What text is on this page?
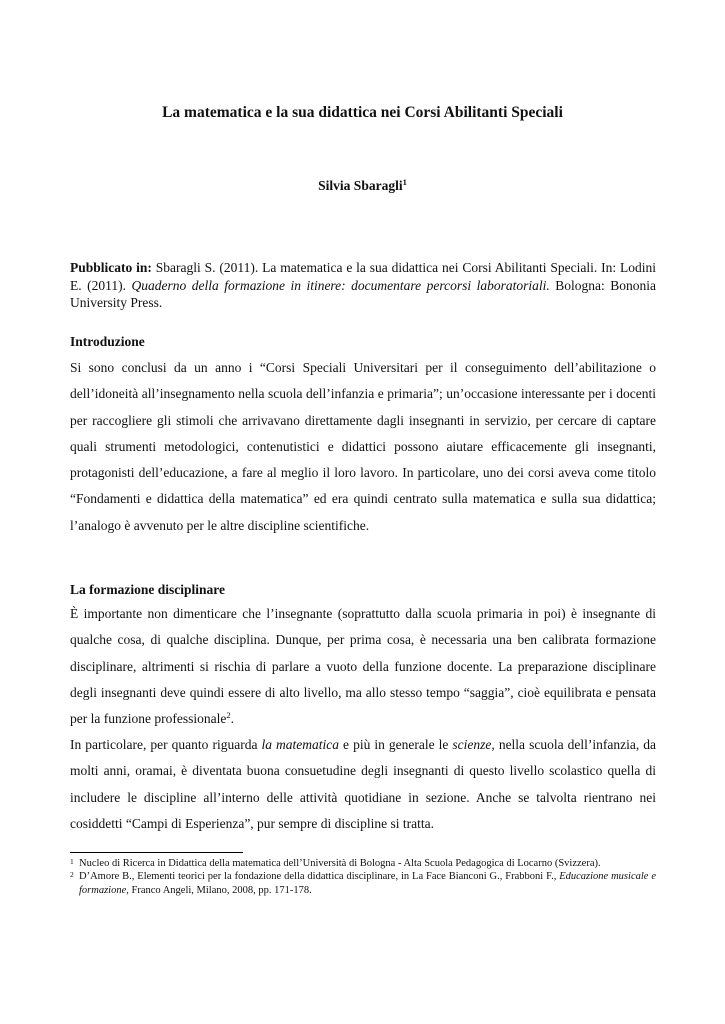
La matematica e la sua didattica nei Corsi Abilitanti Speciali
Silvia Sbaragli$^1$
Pubblicato in: Sbaragli S. (2011). La matematica e la sua didattica nei Corsi Abilitanti Speciali. In: Lodini E. (2011). Quaderno della formazione in itinere: documentare percorsi laboratoriali. Bologna: Bononia University Press.
Introduzione
Si sono conclusi da un anno i “Corsi Speciali Universitari per il conseguimento dell’abilitazione o dell’idoneità all’insegnamento nella scuola dell’infanzia e primaria”; un’occasione interessante per i docenti per raccogliere gli stimoli che arrivavano direttamente dagli insegnanti in servizio, per cercare di captare quali strumenti metodologici, contenutistici e didattici possono aiutare efficacemente gli insegnanti, protagonisti dell’educazione, a fare al meglio il loro lavoro. In particolare, uno dei corsi aveva come titolo “Fondamenti e didattica della matematica” ed era quindi centrato sulla matematica e sulla sua didattica; l’analogo è avvenuto per le altre discipline scientifiche.
La formazione disciplinare
È importante non dimenticare che l’insegnante (soprattutto dalla scuola primaria in poi) è insegnante di qualche cosa, di qualche disciplina. Dunque, per prima cosa, è necessaria una ben calibrata formazione disciplinare, altrimenti si rischia di parlare a vuoto della funzione docente. La preparazione disciplinare degli insegnanti deve quindi essere di alto livello, ma allo stesso tempo “saggia”, cioè equilibrata e pensata per la funzione professionale$^2$.
In particolare, per quanto riguarda la matematica e più in generale le scienze, nella scuola dell’infanzia, da molti anni, oramai, è diventata buona consuetudine degli insegnanti di questo livello scolastico quella di includere le discipline all’interno delle attività quotidiane in sezione. Anche se talvolta rientrano nei cosiddetti “Campi di Esperienza”, pur sempre di discipline si tratta.
1 Nucleo di Ricerca in Didattica della matematica dell’Università di Bologna - Alta Scuola Pedagogica di Locarno (Svizzera).
2 D’Amore B., Elementi teorici per la fondazione della didattica disciplinare, in La Face Bianconi G., Frabboni F., Educazione musicale e formazione, Franco Angeli, Milano, 2008, pp. 171-178.
